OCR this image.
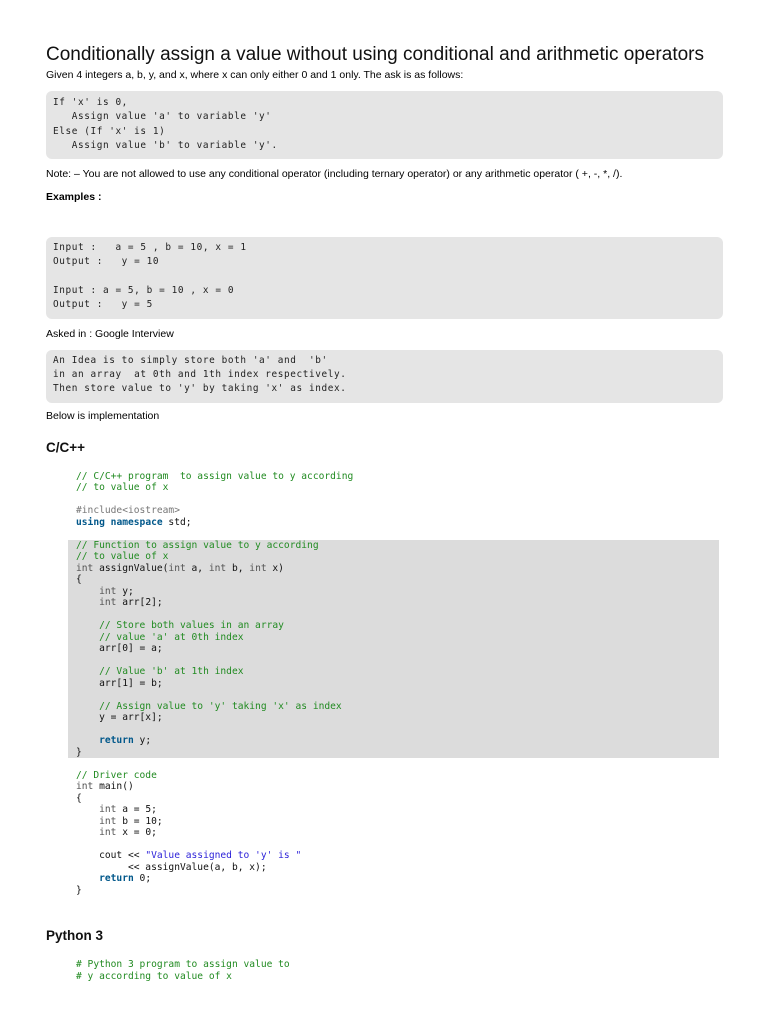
Conditionally assign a value without using conditional and arithmetic operators

Given 4 integers a, b, y, and x, where x can only either 0 and 1 only. The ask is as follows:

If 'x' is 0,
Assign value 'a' to variable 'y'
Else (If 'x' is 1)
Assign value 'b' to variable 'y'.

Note: – You are not allowed to use any conditional operator (including ternary operator) or any arithmetic operator ( +, -, *, /).

Examples :

Input :   a = 5 , b = 10, x = 1
Output :   y = 10

Input : a = 5, b = 10 , x = 0
Output :   y = 5

Asked in : Google Interview

An Idea is to simply store both 'a' and  'b'
in an array  at 0th and 1th index respectively.
Then store value to 'y' by taking 'x' as index.

Below is implementation

C/C++
// C/C++ program  to assign value to y according
// to value of x
#include<iostream>
using namespace std;
// Function to assign value to y according
// to value of x
int assignValue(int a, int b, int x)
{
int y;
int arr[2];
// Store both values in an array
// value 'a' at 0th index
arr[0] = a;
// Value 'b' at 1th index
arr[1] = b;
// Assign value to 'y' taking 'x' as index
y = arr[x];
return y;
}
// Driver code
int main()
{
int a = 5;
int b = 10;
int x = 0;
cout << "Value assigned to 'y' is "
<< assignValue(a, b, x);
return 0;
}
Python 3
# Python 3 program to assign value to
# y according to value of x
